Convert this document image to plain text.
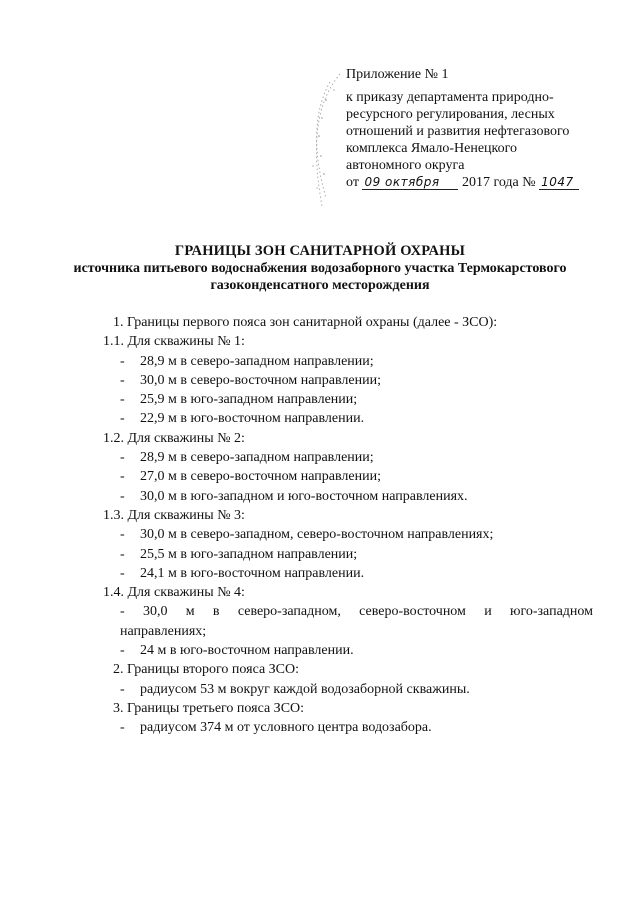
Приложение № 1
к приказу департамента природно-
ресурсного регулирования, лесных
отношений и развития нефтегазового
комплекса Ямало-Ненецкого
автономного округа
от 09 октября 2017 года № 1047
ГРАНИЦЫ ЗОН САНИТАРНОЙ ОХРАНЫ
источника питьевого водоснабжения водозаборного участка Термокарстового
газоконденсатного месторождения
1. Границы первого пояса зон санитарной охраны (далее - ЗСО):
1.1. Для скважины № 1:
- 28,9 м в северо-западном направлении;
- 30,0 м в северо-восточном направлении;
- 25,9 м в юго-западном направлении;
- 22,9 м в юго-восточном направлении.
1.2. Для скважины № 2:
- 28,9 м в северо-западном направлении;
- 27,0 м в северо-восточном направлении;
- 30,0 м в юго-западном и юго-восточном направлениях.
1.3. Для скважины № 3:
- 30,0 м в северо-западном, северо-восточном направлениях;
- 25,5 м в юго-западном направлении;
- 24,1 м в юго-восточном направлении.
1.4. Для скважины № 4:
- 30,0 м в северо-западном, северо-восточном и юго-западном
направлениях;
- 24 м в юго-восточном направлении.
2. Границы второго пояса ЗСО:
- радиусом 53 м вокруг каждой водозаборной скважины.
3. Границы третьего пояса ЗСО:
- радиусом 374 м от условного центра водозабора.
